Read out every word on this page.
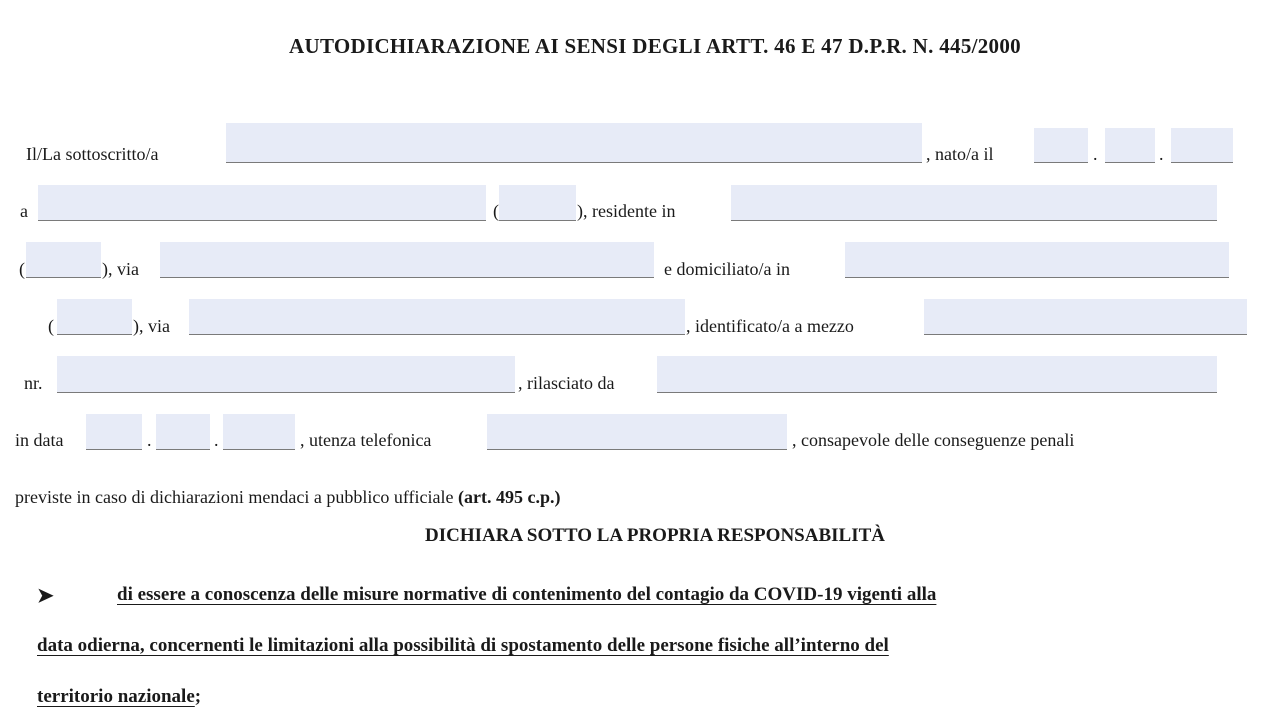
AUTODICHIARAZIONE AI SENSI DEGLI ARTT. 46 E 47 D.P.R. N. 445/2000
Il/La sottoscritto/a	, nato/a il	.	.
a	(	), residente in
(	), via	e domiciliato/a in
(	), via	, identificato/a a mezzo
nr.	, rilasciato da
in data	.	.	, utenza telefonica	, consapevole delle conseguenze penali
previste in caso di dichiarazioni mendaci a pubblico ufficiale (art. 495 c.p.)
DICHIARA SOTTO LA PROPRIA RESPONSABILITÀ
➤	di essere a conoscenza delle misure normative di contenimento del contagio da COVID-19 vigenti alla
data odierna, concernenti le limitazioni alla possibilità di spostamento delle persone fisiche all’interno del
territorio nazionale;
